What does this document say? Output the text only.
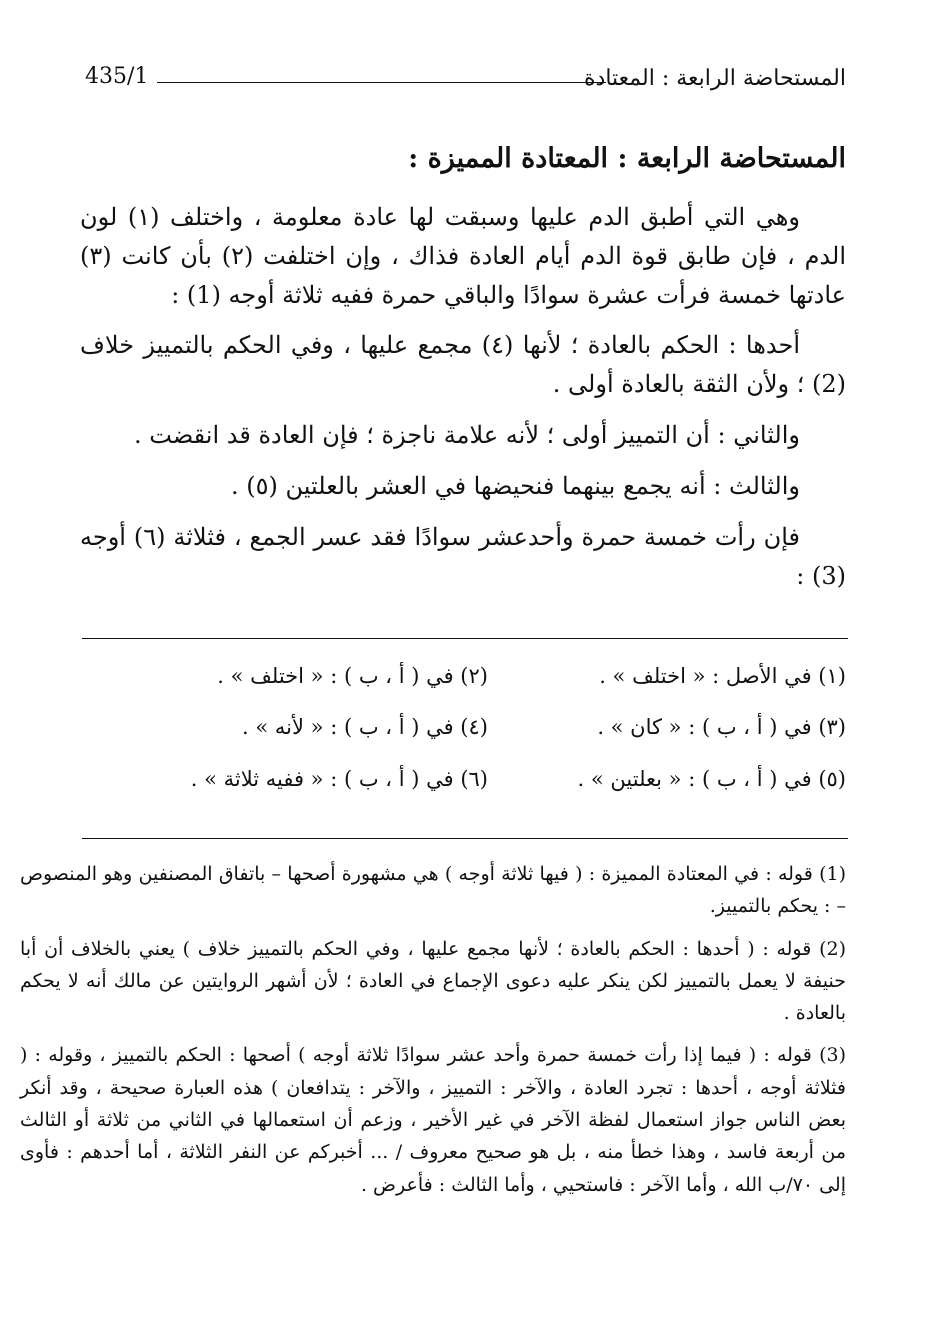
المستحاضة الرابعة : المعتادة
435/1
المستحاضة الرابعة : المعتادة المميزة :

وهي التي أطبق الدم عليها وسبقت لها عادة معلومة ، واختلف (١) لون الدم ، فإن طابق قوة الدم أيام العادة فذاك ، وإن اختلفت (٢) بأن كانت (٣) عادتها خمسة فرأت عشرة سوادًا والباقي حمرة ففيه ثلاثة أوجه (1) :

أحدها : الحكم بالعادة ؛ لأنها (٤) مجمع عليها ، وفي الحكم بالتمييز خلاف (2) ؛ ولأن الثقة بالعادة أولى .

والثاني : أن التمييز أولى ؛ لأنه علامة ناجزة ؛ فإن العادة قد انقضت .

والثالث : أنه يجمع بينهما فنحيضها في العشر بالعلتين (٥) .

فإن رأت خمسة حمرة وأحدعشر سوادًا فقد عسر الجمع ، فثلاثة (٦) أوجه (3) :

(١) في الأصل : « اختلف » .
(٢) في ( أ ، ب ) : « اختلف » .
(٣) في ( أ ، ب ) : « كان » .
(٤) في ( أ ، ب ) : « لأنه » .
(٥) في ( أ ، ب ) : « بعلتين » .
(٦) في ( أ ، ب ) : « ففيه ثلاثة » .

(1) قوله : في المعتادة المميزة : ( فيها ثلاثة أوجه ) هي مشهورة أصحها – باتفاق المصنفين وهو المنصوص – : يحكم بالتمييز.

(2) قوله : ( أحدها : الحكم بالعادة ؛ لأنها مجمع عليها ، وفي الحكم بالتمييز خلاف ) يعني بالخلاف أن أبا حنيفة لا يعمل بالتمييز لكن ينكر عليه دعوى الإجماع في العادة ؛ لأن أشهر الروايتين عن مالك أنه لا يحكم بالعادة .

(3) قوله : ( فيما إذا رأت خمسة حمرة وأحد عشر سوادًا ثلاثة أوجه ) أصحها : الحكم بالتمييز ، وقوله : ( فثلاثة أوجه ، أحدها : تجرد العادة ، والآخر : التمييز ، والآخر : يتدافعان ) هذه العبارة صحيحة ، وقد أنكر بعض الناس جواز استعمال لفظة الآخر في غير الأخير ، وزعم أن استعمالها في الثاني من ثلاثة أو الثالث من أربعة فاسد ، وهذا خطأ منه ، بل هو صحيح معروف / ... أخبركم عن النفر الثلاثة ، أما أحدهم : فأوى إلى ٧٠/ب الله ، وأما الآخر : فاستحيي ، وأما الثالث : فأعرض .
